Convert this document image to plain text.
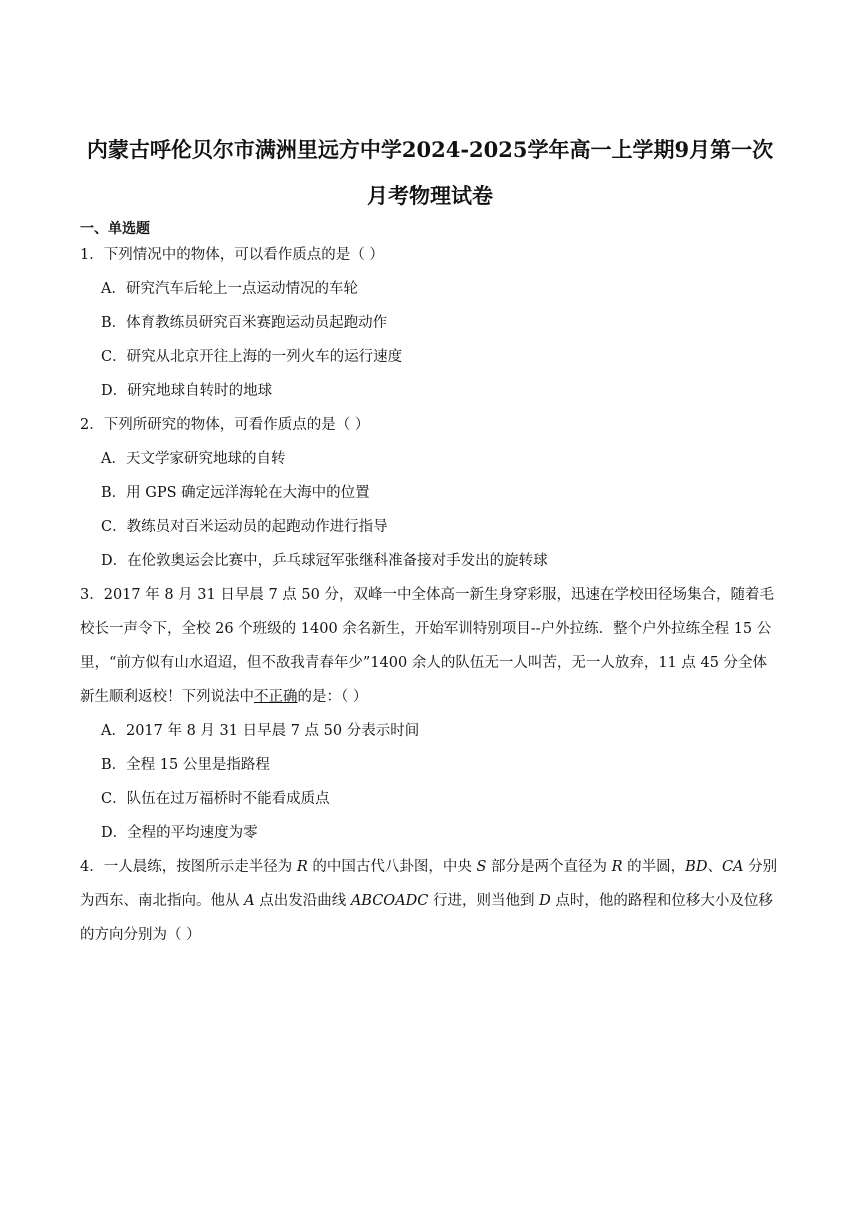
内蒙古呼伦贝尔市满洲里远方中学2024-2025学年高一上学期9月第一次
月考物理试卷
一、单选题
1．下列情况中的物体，可以看作质点的是（ ）
A．研究汽车后轮上一点运动情况的车轮
B．体育教练员研究百米赛跑运动员起跑动作
C．研究从北京开往上海的一列火车的运行速度
D．研究地球自转时的地球
2．下列所研究的物体，可看作质点的是（ ）
A．天文学家研究地球的自转
B．用 GPS 确定远洋海轮在大海中的位置
C．教练员对百米运动员的起跑动作进行指导
D．在伦敦奥运会比赛中，乒乓球冠军张继科准备接对手发出的旋转球
3．2017 年 8 月 31 日早晨 7 点 50 分，双峰一中全体高一新生身穿彩服，迅速在学校田径场集合，随着毛
校长一声令下，全校 26 个班级的 1400 余名新生，开始军训特别项目--户外拉练．整个户外拉练全程 15 公
里，“前方似有山水迢迢，但不敌我青春年少”1400 余人的队伍无一人叫苦，无一人放弃，11 点 45 分全体
新生顺利返校！下列说法中不正确的是：（ ）
A．2017 年 8 月 31 日早晨 7 点 50 分表示时间
B．全程 15 公里是指路程
C．队伍在过万福桥时不能看成质点
D．全程的平均速度为零
4．一人晨练，按图所示走半径为 R 的中国古代八卦图，中央 S 部分是两个直径为 R 的半圆，BD、CA 分别
为西东、南北指向。他从 A 点出发沿曲线 ABCOADC 行进，则当他到 D 点时，他的路程和位移大小及位移
的方向分别为（ ）
